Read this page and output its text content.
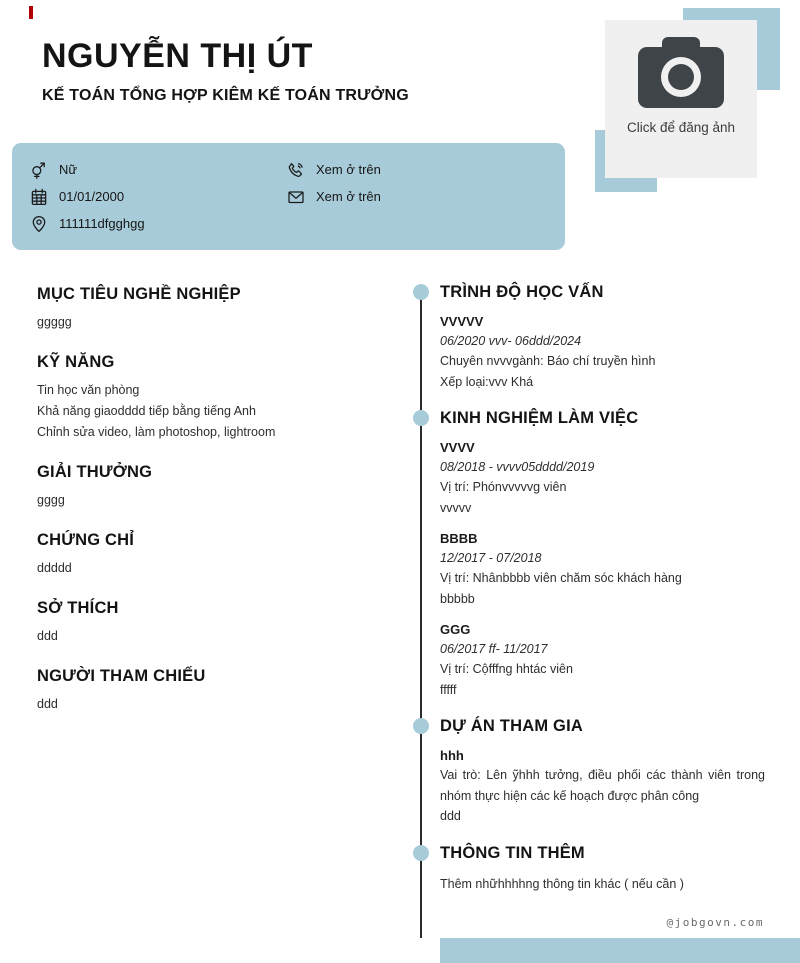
NGUYỄN THỊ ÚT
KẾ TOÁN TỔNG HỢP KIÊM KẾ TOÁN TRƯỞNG
Click để đăng ảnh
Nữ
01/01/2000
111111dfgghgg
Xem ở trên
Xem ở trên
MỤC TIÊU NGHỀ NGHIỆP

ggggg

KỸ NĂNG

Tin học văn phòng

Khả năng giaodddd tiếp bằng tiếng Anh

Chỉnh sửa video, làm photoshop, lightroom

GIẢI THƯỞNG

gggg

CHỨNG CHỈ

ddddd

SỞ THÍCH

ddd

NGƯỜI THAM CHIẾU

ddd

TRÌNH ĐỘ HỌC VẤN

VVVVV

06/2020 vvv- 06ddd/2024

Chuyên nvvvgành: Báo chí truyền hình

Xếp loại:vvv Khá

KINH NGHIỆM LÀM VIỆC

VVVV

08/2018 - vvvv05dddd/2019

Vị trí: Phónvvvvvg viên

vvvvv

BBBB

12/2017 - 07/2018

Vị trí: Nhânbbbb viên chăm sóc khách hàng

bbbbb

GGG

06/2017 ff- 11/2017

Vị trí: Cộfffng hhtác viên

fffff

DỰ ÁN THAM GIA

hhh

Vai trò: Lên ỹhhh tưởng, điều phối các thành viên trong nhóm thực hiện các kế hoạch được phân công

ddd

THÔNG TIN THÊM

Thêm nhữhhhhng thông tin khác ( nếu cần )

@jobgovn.com
